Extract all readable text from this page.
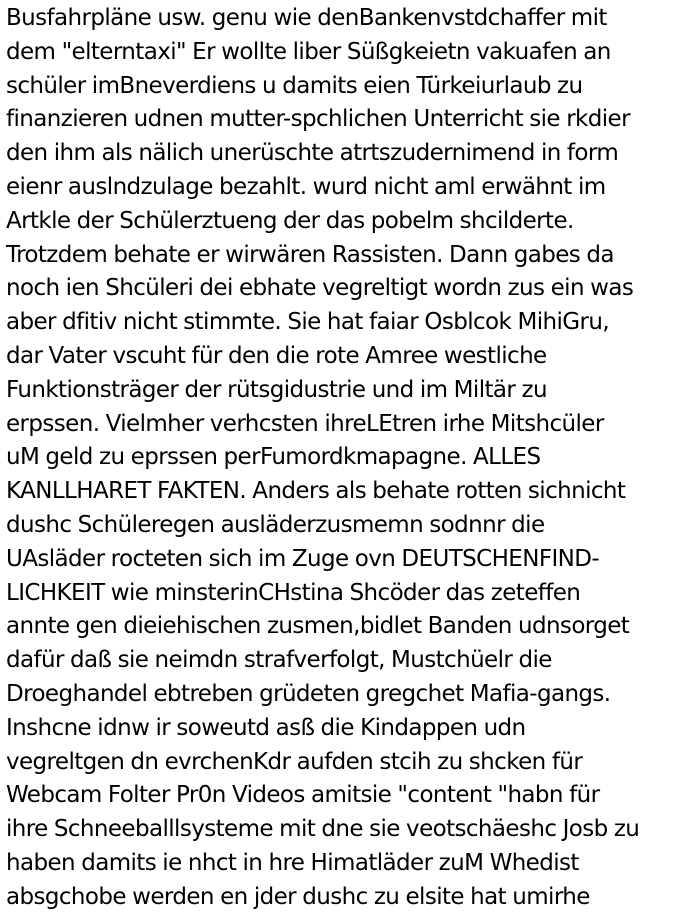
Busfahrpläne usw. genu wie denBankenvstdchaffer mit
dem "elterntaxi" Er wollte liber Süßgkeietn vakuafen an
schüler imBneverdiens u damits eien Türkeiurlaub zu
finanzieren udnen mutter-spchlichen Unterricht sie rkdier
den ihm als nälich unerüschte atrtszudernimend in form
eienr auslndzulage bezahlt. wurd nicht aml erwähnt im
Artkle der Schülerztueng der das pobelm shcilderte.
Trotzdem behate er wirwären Rassisten. Dann gabes da
noch ien Shcüleri dei ebhate vegreltigt wordn zus ein was
aber dfitiv nicht stimmte. Sie hat faiar Osblcok MihiGru,
dar Vater vscuht für den die rote Amree westliche
Funktionsträger der rütsgidustrie und im Miltär zu
erpssen. Vielmher verhcsten ihreLEtren irhe Mitshcüler
uM geld zu eprssen perFumordkmapagne. ALLES
KANLLHARET FAKTEN. Anders als behate rotten sichnicht
dushc Schüleregen ausläderzusmemn sodnnr die
UAsläder rocteten sich im Zuge ovn DEUTSCHENFIND-
LICHKEIT wie minsterinCHstina Shcöder das zeteffen
annte gen dieiehischen zusmen,bidlet Banden udnsorget
dafür daß sie neimdn strafverfolgt, Mustchüelr die
Droeghandel ebtreben grüdeten gregchet Mafia-gangs.
Inshcne idnw ir soweutd asß die Kindappen udn
vegreltgen dn evrchenKdr aufden stcih zu shcken für
Webcam Folter Pr0n Videos amitsie "content "habn für
ihre Schneeballlsysteme mit dne sie veotschäeshc Josb zu
haben damits ie nhct in hre Himatläder zuM Whedist
absgchobe werden en jder dushc zu elsite hat umirhe
